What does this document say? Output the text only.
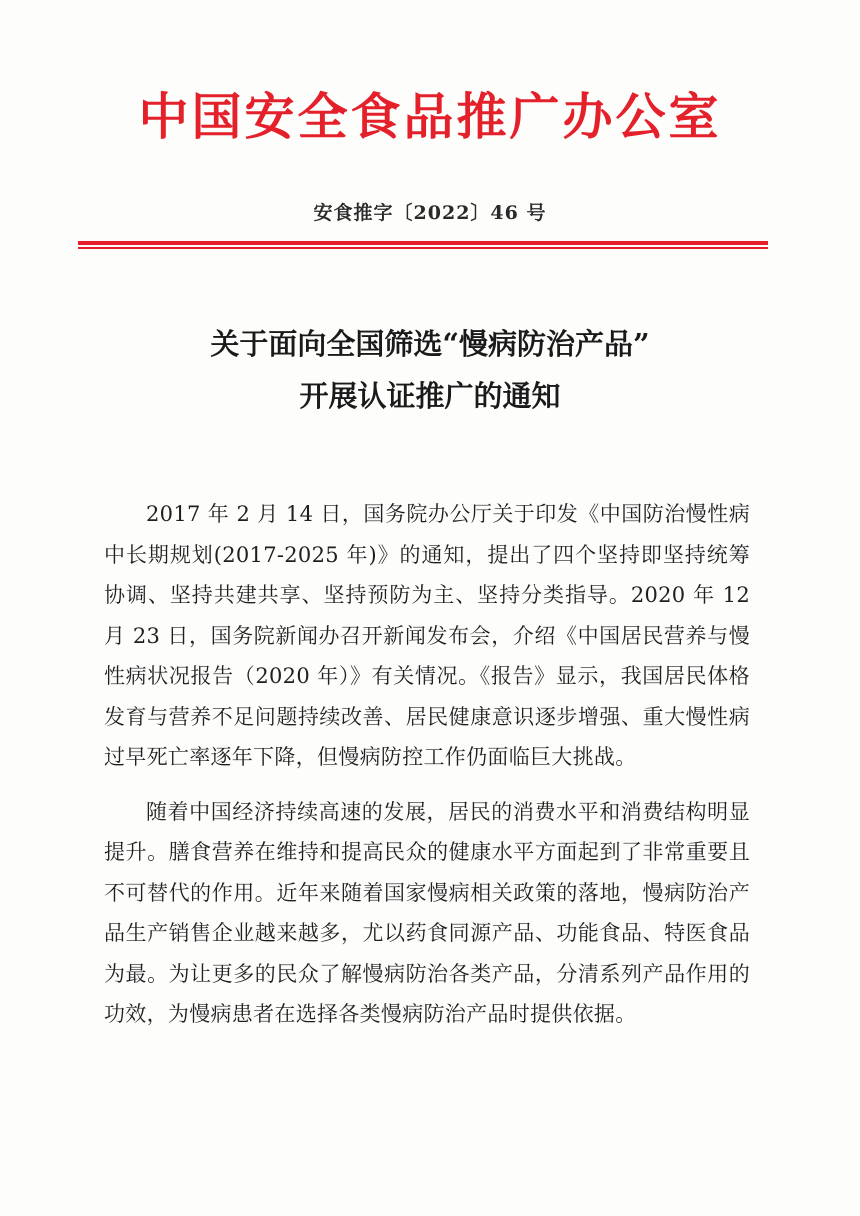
中国安全食品推广办公室
安食推字〔2022〕46 号
关于面向全国筛选“慢病防治产品”
开展认证推广的通知

2017 年 2 月 14 日，国务院办公厅关于印发《中国防治慢性病中长期规划(2017-2025 年)》的通知，提出了四个坚持即坚持统筹协调、坚持共建共享、坚持预防为主、坚持分类指导。2020 年 12 月 23 日，国务院新闻办召开新闻发布会，介绍《中国居民营养与慢性病状况报告（2020 年）》有关情况。《报告》显示，我国居民体格发育与营养不足问题持续改善、居民健康意识逐步增强、重大慢性病过早死亡率逐年下降，但慢病防控工作仍面临巨大挑战。

随着中国经济持续高速的发展，居民的消费水平和消费结构明显提升。膳食营养在维持和提高民众的健康水平方面起到了非常重要且不可替代的作用。近年来随着国家慢病相关政策的落地，慢病防治产品生产销售企业越来越多，尤以药食同源产品、功能食品、特医食品为最。为让更多的民众了解慢病防治各类产品，分清系列产品作用的功效，为慢病患者在选择各类慢病防治产品时提供依据。
